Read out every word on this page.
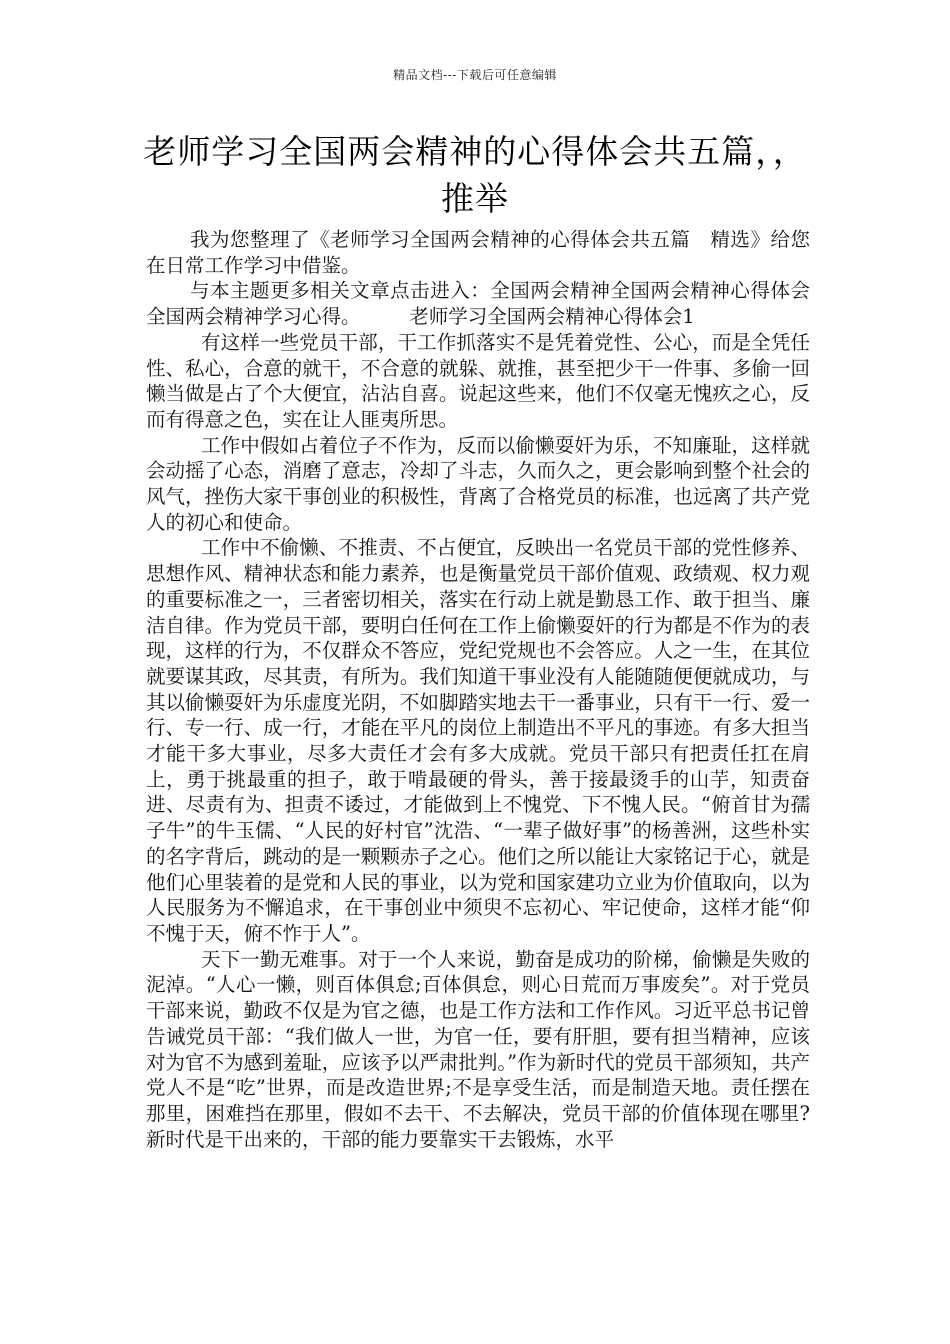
精品文档---下载后可任意编辑
老师学习全国两会精神的心得体会共五篇，，
推举

我为您整理了《老师学习全国两会精神的心得体会共五篇　精选》给您在日常工作学习中借鉴。

与本主题更多相关文章点击进入：全国两会精神全国两会精神心得体会全国两会精神学习心得。　　　老师学习全国两会精神心得体会1

有这样一些党员干部，干工作抓落实不是凭着党性、公心，而是全凭任性、私心，合意的就干，不合意的就躲、就推，甚至把少干一件事、多偷一回懒当做是占了个大便宜，沾沾自喜。说起这些来，他们不仅毫无愧疚之心，反而有得意之色，实在让人匪夷所思。

工作中假如占着位子不作为，反而以偷懒耍奸为乐，不知廉耻，这样就会动摇了心态，消磨了意志，冷却了斗志，久而久之，更会影响到整个社会的风气，挫伤大家干事创业的积极性，背离了合格党员的标准，也远离了共产党人的初心和使命。

工作中不偷懒、不推责、不占便宜，反映出一名党员干部的党性修养、思想作风、精神状态和能力素养，也是衡量党员干部价值观、政绩观、权力观的重要标准之一，三者密切相关，落实在行动上就是勤恳工作、敢于担当、廉洁自律。作为党员干部，要明白任何在工作上偷懒耍奸的行为都是不作为的表现，这样的行为，不仅群众不答应，党纪党规也不会答应。人之一生，在其位就要谋其政，尽其责，有所为。我们知道干事业没有人能随随便便就成功，与其以偷懒耍奸为乐虚度光阴，不如脚踏实地去干一番事业，只有干一行、爱一行、专一行、成一行，才能在平凡的岗位上制造出不平凡的事迹。有多大担当才能干多大事业，尽多大责任才会有多大成就。党员干部只有把责任扛在肩上，勇于挑最重的担子，敢于啃最硬的骨头，善于接最烫手的山芋，知责奋进、尽责有为、担责不诿过，才能做到上不愧党、下不愧人民。“俯首甘为孺子牛”的牛玉儒、“人民的好村官”沈浩、“一辈子做好事”的杨善洲，这些朴实的名字背后，跳动的是一颗颗赤子之心。他们之所以能让大家铭记于心，就是他们心里装着的是党和人民的事业，以为党和国家建功立业为价值取向，以为人民服务为不懈追求，在干事创业中须臾不忘初心、牢记使命，这样才能“仰不愧于天，俯不怍于人”。

天下一勤无难事。对于一个人来说，勤奋是成功的阶梯，偷懒是失败的泥淖。“人心一懒，则百体俱怠;百体俱怠，则心日荒而万事废矣”。对于党员干部来说，勤政不仅是为官之德，也是工作方法和工作作风。习近平总书记曾告诫党员干部：“我们做人一世，为官一任，要有肝胆，要有担当精神，应该对为官不为感到羞耻，应该予以严肃批判。”作为新时代的党员干部须知，共产党人不是“吃”世界，而是改造世界;不是享受生活，而是制造天地。责任摆在那里，困难挡在那里，假如不去干、不去解决，党员干部的价值体现在哪里?新时代是干出来的，干部的能力要靠实干去锻炼，水平
